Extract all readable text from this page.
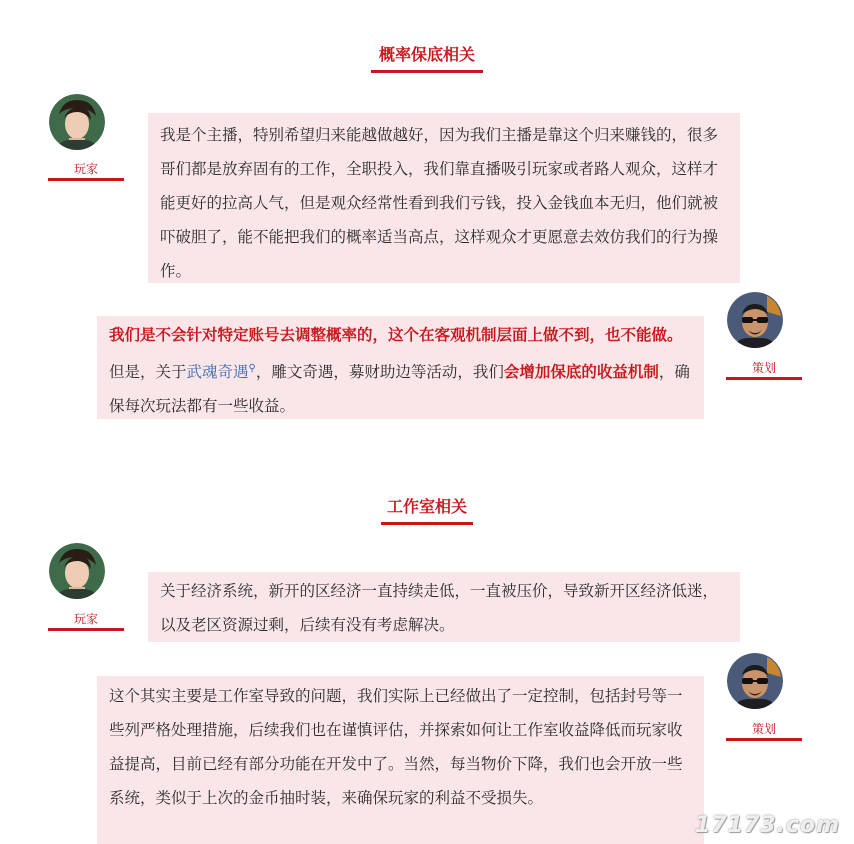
概率保底相关
玩家

我是个主播，特别希望归来能越做越好，因为我们主播是靠这个归来赚钱的，很多哥们都是放弃固有的工作，全职投入，我们靠直播吸引玩家或者路人观众，这样才能更好的拉高人气，但是观众经常性看到我们亏钱，投入金钱血本无归，他们就被吓破胆了，能不能把我们的概率适当高点，这样观众才更愿意去效仿我们的行为操作。

我们是不会针对特定账号去调整概率的，这个在客观机制层面上做不到，也不能做。但是，关于武魂奇遇⚲，雕文奇遇，募财助边等活动，我们会增加保底的收益机制，确保每次玩法都有一些收益。

策划
工作室相关
玩家

关于经济系统，新开的区经济一直持续走低，一直被压价，导致新开区经济低迷，以及老区资源过剩，后续有没有考虑解决。

这个其实主要是工作室导致的问题，我们实际上已经做出了一定控制，包括封号等一些列严格处理措施，后续我们也在谨慎评估，并探索如何让工作室收益降低而玩家收益提高，目前已经有部分功能在开发中了。当然，每当物价下降，我们也会开放一些系统，类似于上次的金币抽时装，来确保玩家的利益不受损失。

策划
17173.com
